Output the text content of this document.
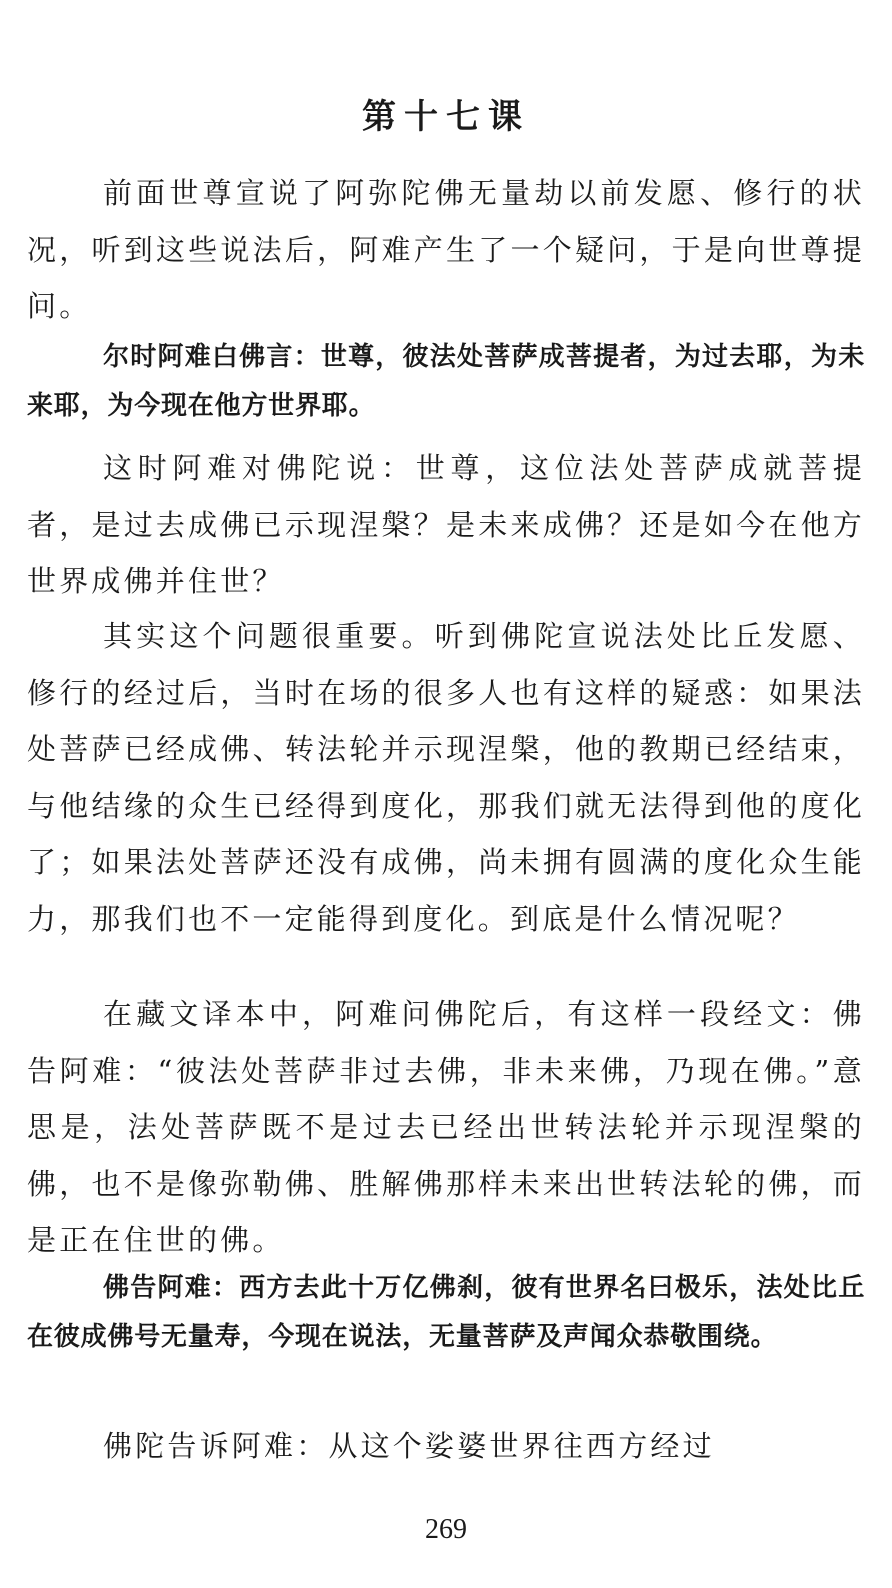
第十七课

前面世尊宣说了阿弥陀佛无量劫以前发愿、修行的状况，听到这些说法后，阿难产生了一个疑问，于是向世尊提问。

尔时阿难白佛言：世尊，彼法处菩萨成菩提者，为过去耶，为未来耶，为今现在他方世界耶。

这时阿难对佛陀说：世尊，这位法处菩萨成就菩提者，是过去成佛已示现涅槃？是未来成佛？还是如今在他方世界成佛并住世？

其实这个问题很重要。听到佛陀宣说法处比丘发愿、修行的经过后，当时在场的很多人也有这样的疑惑：如果法处菩萨已经成佛、转法轮并示现涅槃，他的教期已经结束，与他结缘的众生已经得到度化，那我们就无法得到他的度化了；如果法处菩萨还没有成佛，尚未拥有圆满的度化众生能力，那我们也不一定能得到度化。到底是什么情况呢？

在藏文译本中，阿难问佛陀后，有这样一段经文：佛告阿难：“彼法处菩萨非过去佛，非未来佛，乃现在佛。”意思是，法处菩萨既不是过去已经出世转法轮并示现涅槃的佛，也不是像弥勒佛、胜解佛那样未来出世转法轮的佛，而是正在住世的佛。

佛告阿难：西方去此十万亿佛刹，彼有世界名曰极乐，法处比丘在彼成佛号无量寿，今现在说法，无量菩萨及声闻众恭敬围绕。

佛陀告诉阿难：从这个娑婆世界往西方经过

269
